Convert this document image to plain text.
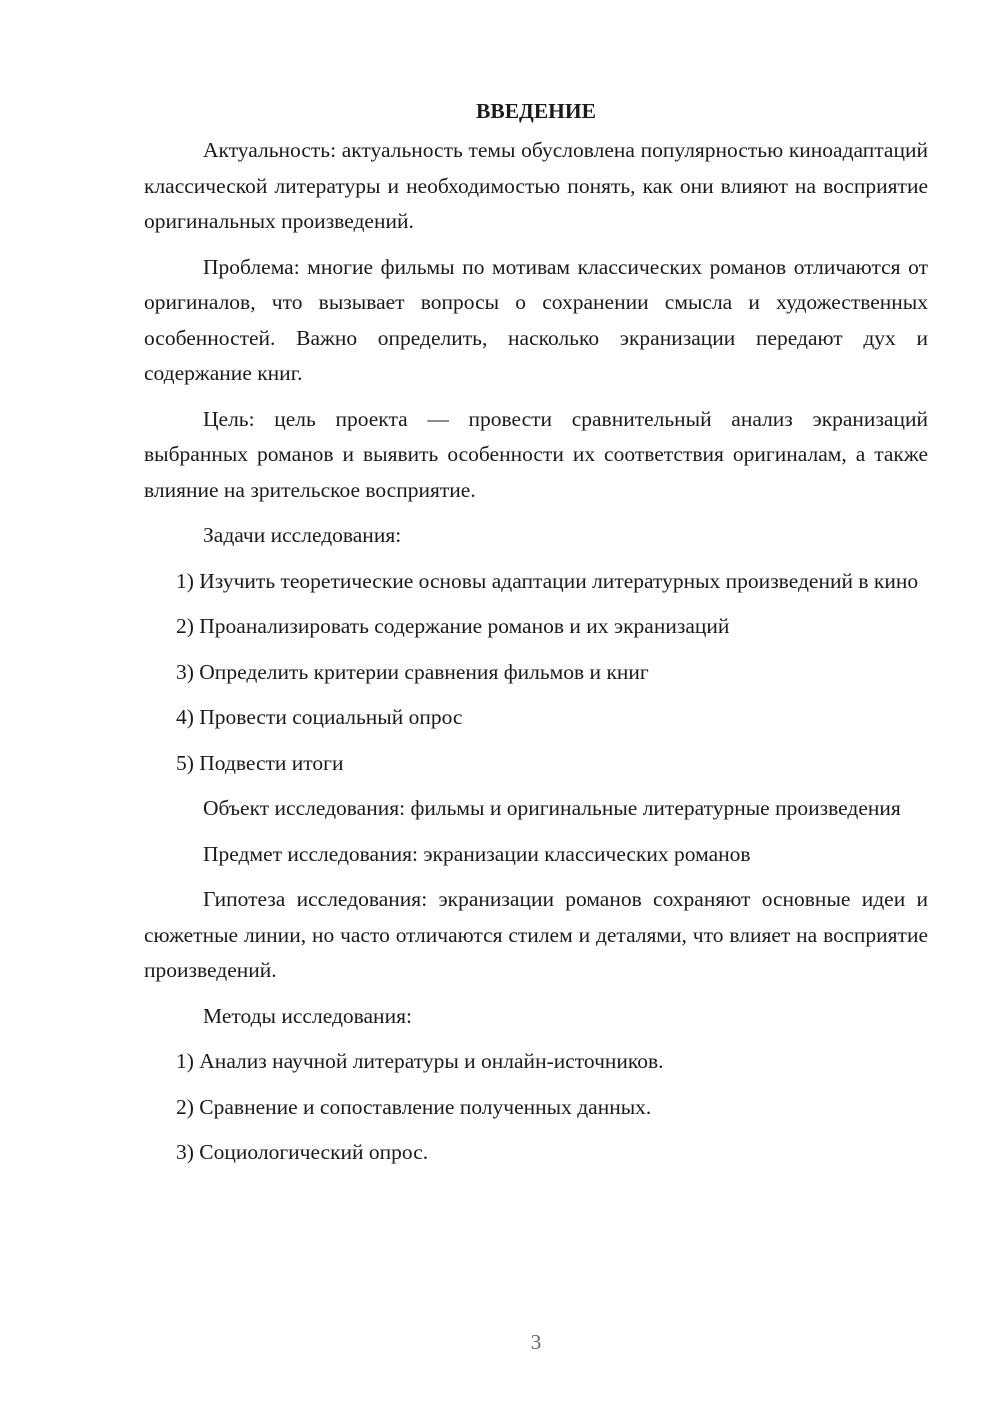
ВВЕДЕНИЕ

Актуальность: актуальность темы обусловлена популярностью киноадаптаций классической литературы и необходимостью понять, как они влияют на восприятие оригинальных произведений.

Проблема: многие фильмы по мотивам классических романов отличаются от оригиналов, что вызывает вопросы о сохранении смысла и художественных особенностей. Важно определить, насколько экранизации передают дух и содержание книг.

Цель: цель проекта — провести сравнительный анализ экранизаций выбранных романов и выявить особенности их соответствия оригиналам, а также влияние на зрительское восприятие.

Задачи исследования:

1) Изучить теоретические основы адаптации литературных произведений в кино

2) Проанализировать содержание романов и их экранизаций

3) Определить критерии сравнения фильмов и книг

4) Провести социальный опрос

5) Подвести итоги

Объект исследования: фильмы и оригинальные литературные произведения

Предмет исследования: экранизации классических романов

Гипотеза исследования: экранизации романов сохраняют основные идеи и сюжетные линии, но часто отличаются стилем и деталями, что влияет на восприятие произведений.

Методы исследования:

1) Анализ научной литературы и онлайн-источников.

2) Сравнение и сопоставление полученных данных.

3) Социологический опрос.

3
